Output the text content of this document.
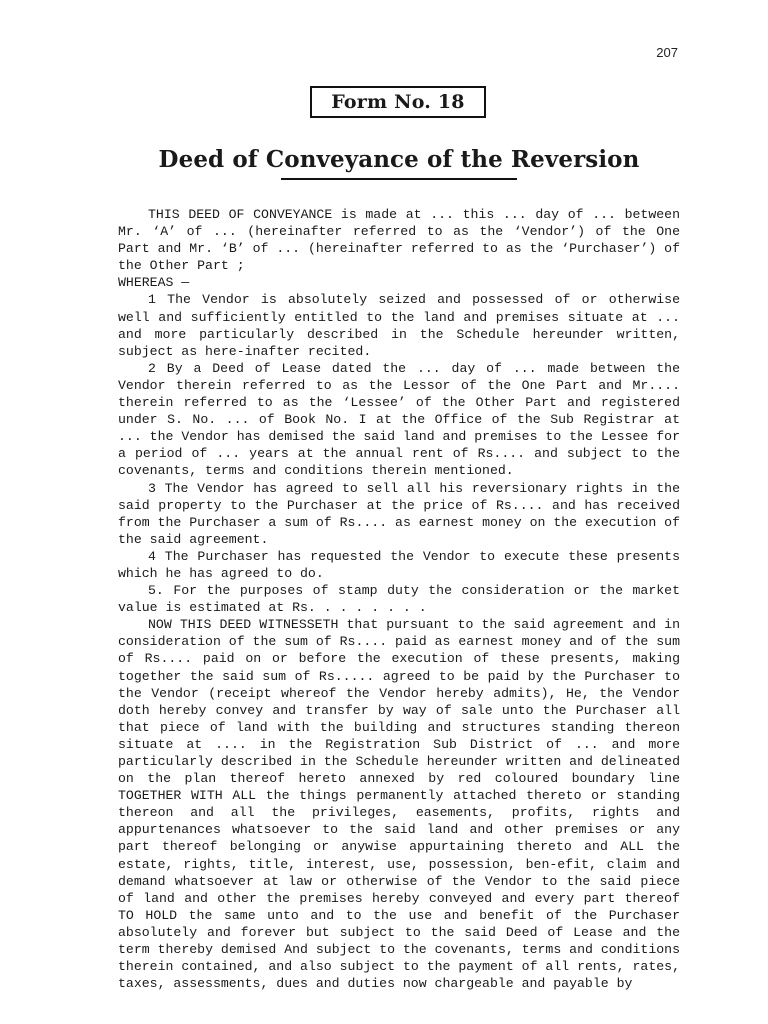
207
Form No. 18
Deed of Conveyance of the Reversion

THIS DEED OF CONVEYANCE is made at ... this ... day of ... between Mr. ‘A’ of ... (hereinafter referred to as the ‘Vendor’) of the One Part and Mr. ‘B’ of ... (hereinafter referred to as the ‘Purchaser’) of the Other Part ;

WHEREAS —

1 The Vendor is absolutely seized and possessed of or otherwise well and sufficiently entitled to the land and premises situate at ... and more particularly described in the Schedule hereunder written, subject as here-inafter recited.

2 By a Deed of Lease dated the ... day of ... made between the Vendor therein referred to as the Lessor of the One Part and Mr.... therein referred to as the ‘Lessee’ of the Other Part and registered under S. No. ... of Book No. I at the Office of the Sub Registrar at ... the Vendor has demised the said land and premises to the Lessee for a period of ... years at the annual rent of Rs.... and subject to the covenants, terms and conditions therein mentioned.

3 The Vendor has agreed to sell all his reversionary rights in the said property to the Purchaser at the price of Rs.... and has received from the Purchaser a sum of Rs.... as earnest money on the execution of the said agreement.

4 The Purchaser has requested the Vendor to execute these presents which he has agreed to do.

5. For the purposes of stamp duty the consideration or the market value is estimated at Rs. . . . . . . .

NOW THIS DEED WITNESSETH that pursuant to the said agreement and in consideration of the sum of Rs.... paid as earnest money and of the sum of Rs.... paid on or before the execution of these presents, making together the said sum of Rs..... agreed to be paid by the Purchaser to the Vendor (receipt whereof the Vendor hereby admits), He, the Vendor doth hereby convey and transfer by way of sale unto the Purchaser all that piece of land with the building and structures standing thereon situate at .... in the Registration Sub District of ... and more particularly described in the Schedule hereunder written and delineated on the plan thereof hereto annexed by red coloured boundary line TOGETHER WITH ALL the things permanently attached thereto or standing thereon and all the privileges, easements, profits, rights and appurtenances whatsoever to the said land and other premises or any part thereof belonging or anywise appurtaining thereto and ALL the estate, rights, title, interest, use, possession, ben-efit, claim and demand whatsoever at law or otherwise of the Vendor to the said piece of land and other the premises hereby conveyed and every part thereof TO HOLD the same unto and to the use and benefit of the Purchaser absolutely and forever but subject to the said Deed of Lease and the term thereby demised And subject to the covenants, terms and conditions therein contained, and also subject to the payment of all rents, rates, taxes, assessments, dues and duties now chargeable and payable by
